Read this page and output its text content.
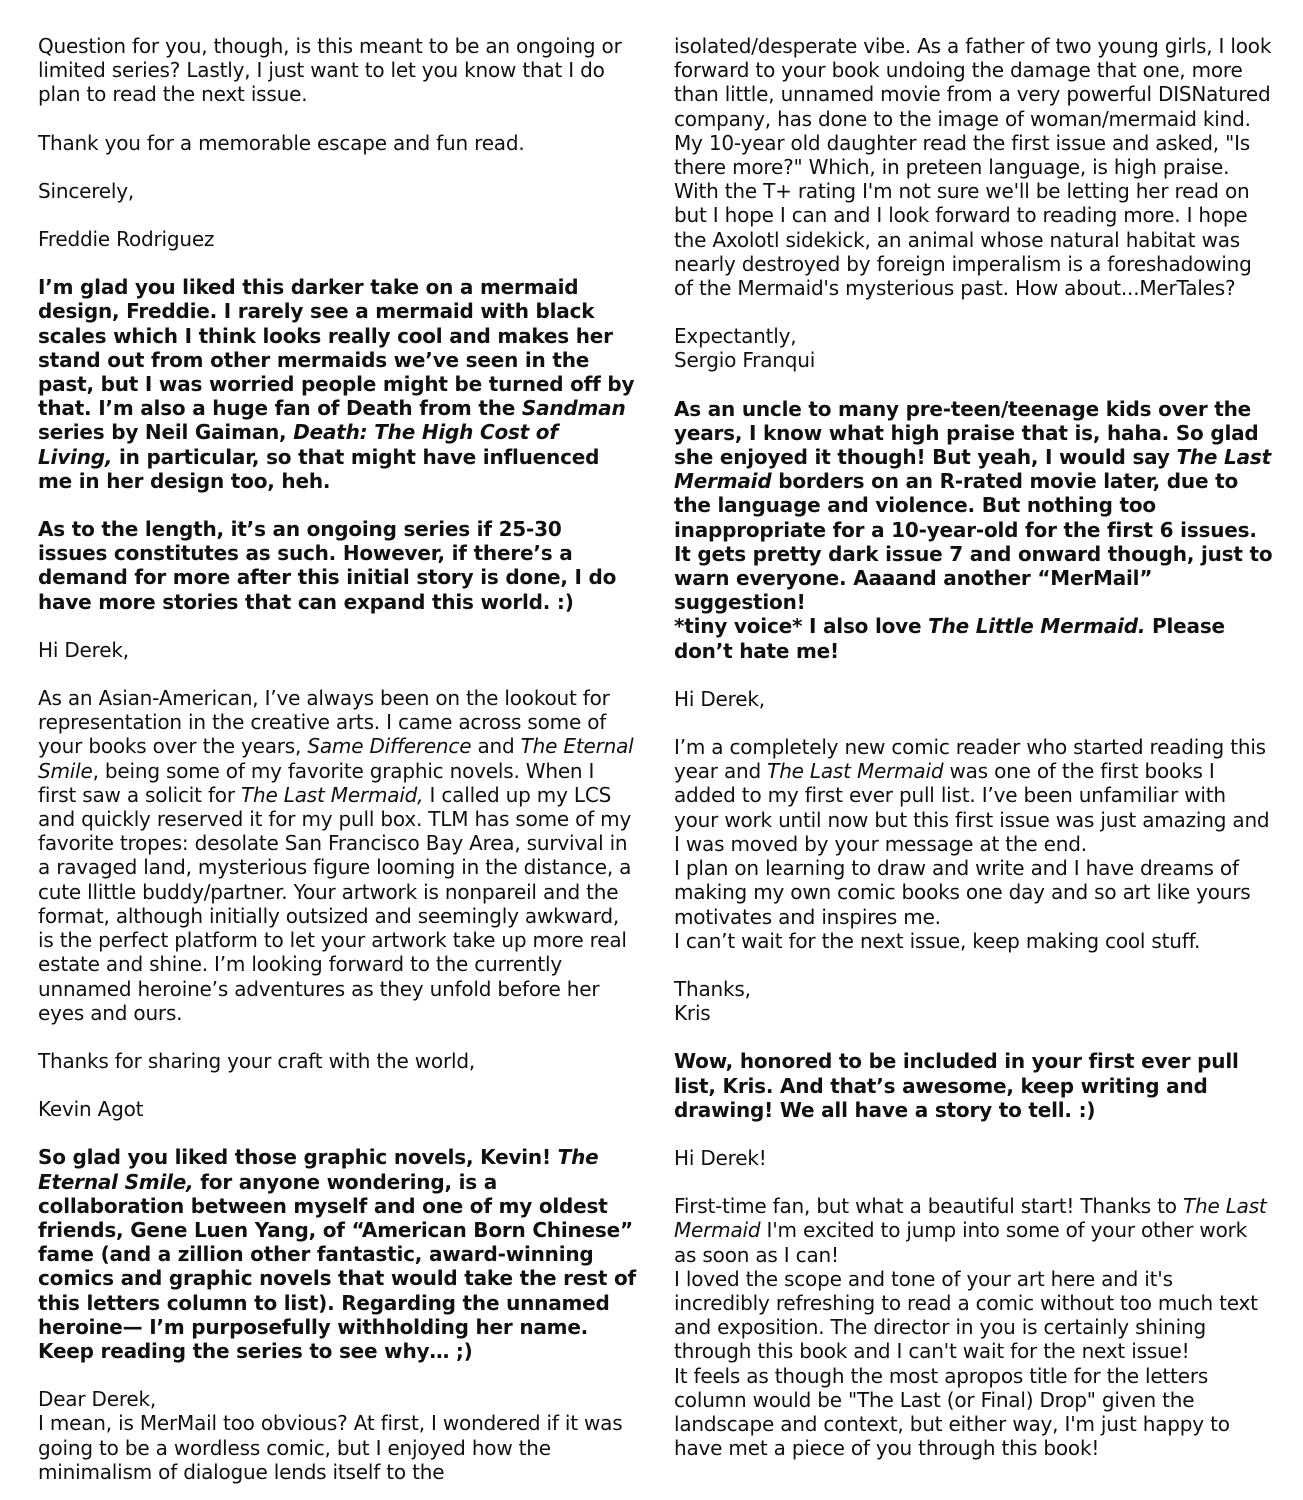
Question for you, though, is this meant to be an ongoing or limited series? Lastly, I just want to let you know that I do plan to read the next issue.

Thank you for a memorable escape and fun read.

Sincerely,

Freddie Rodriguez

I’m glad you liked this darker take on a mermaid design, Freddie. I rarely see a mermaid with black scales which I think looks really cool and makes her stand out from other mermaids we’ve seen in the past, but I was worried people might be turned off by that. I’m also a huge fan of Death from the Sandman series by Neil Gaiman, Death: The High Cost of Living, in particular, so that might have influenced me in her design too, heh.

As to the length, it’s an ongoing series if 25-30 issues constitutes as such. However, if there’s a demand for more after this initial story is done, I do have more stories that can expand this world. :)

Hi Derek,

As an Asian-American, I’ve always been on the lookout for representation in the creative arts. I came across some of your books over the years, Same Difference and The Eternal Smile, being some of my favorite graphic novels. When I first saw a solicit for The Last Mermaid, I called up my LCS and quickly reserved it for my pull box. TLM has some of my favorite tropes: desolate San Francisco Bay Area, survival in a ravaged land, mysterious figure looming in the distance, a cute llittle buddy/partner. Your artwork is nonpareil and the format, although initially outsized and seemingly awkward, is the perfect platform to let your artwork take up more real estate and shine. I’m looking forward to the currently unnamed heroine’s adventures as they unfold before her eyes and ours.

Thanks for sharing your craft with the world,

Kevin Agot

So glad you liked those graphic novels, Kevin! The Eternal Smile, for anyone wondering, is a collaboration between myself and one of my oldest friends, Gene Luen Yang, of “American Born Chinese” fame (and a zillion other fantastic, award-winning comics and graphic novels that would take the rest of this letters column to list). Regarding the unnamed heroine— I’m purposefully withholding her name. Keep reading the series to see why… ;)

Dear Derek,

I mean, is MerMail too obvious? At first, I wondered if it was going to be a wordless comic, but I enjoyed how the minimalism of dialogue lends itself to the

isolated/desperate vibe. As a father of two young girls, I look forward to your book undoing the damage that one, more than little, unnamed movie from a very powerful DISNatured company, has done to the image of woman/mermaid kind. My 10-year old daughter read the first issue and asked, "Is there more?" Which, in preteen language, is high praise. With the T+ rating I'm not sure we'll be letting her read on but I hope I can and I look forward to reading more. I hope the Axolotl sidekick, an animal whose natural habitat was nearly destroyed by foreign imperalism is a foreshadowing of the Mermaid's mysterious past. How about...MerTales?

Expectantly,

Sergio Franqui

As an uncle to many pre-teen/teenage kids over the years, I know what high praise that is, haha. So glad she enjoyed it though! But yeah, I would say The Last Mermaid borders on an R-rated movie later, due to the language and violence. But nothing too inappropriate for a 10-year-old for the first 6 issues. It gets pretty dark issue 7 and onward though, just to warn everyone. Aaaand another “MerMail” suggestion!
*tiny voice* I also love The Little Mermaid. Please don’t hate me!

Hi Derek,

I’m a completely new comic reader who started reading this year and The Last Mermaid was one of the first books I added to my first ever pull list. I’ve been unfamiliar with your work until now but this first issue was just amazing and I was moved by your message at the end.
I plan on learning to draw and write and I have dreams of making my own comic books one day and so art like yours motivates and inspires me.
I can’t wait for the next issue, keep making cool stuff.

Thanks,

Kris

Wow, honored to be included in your first ever pull list, Kris. And that’s awesome, keep writing and drawing! We all have a story to tell. :)

Hi Derek!

First-time fan, but what a beautiful start! Thanks to The Last Mermaid I'm excited to jump into some of your other work as soon as I can!
I loved the scope and tone of your art here and it's incredibly refreshing to read a comic without too much text and exposition. The director in you is certainly shining through this book and I can't wait for the next issue!
It feels as though the most apropos title for the letters column would be "The Last (or Final) Drop" given the landscape and context, but either way, I'm just happy to have met a piece of you through this book!
